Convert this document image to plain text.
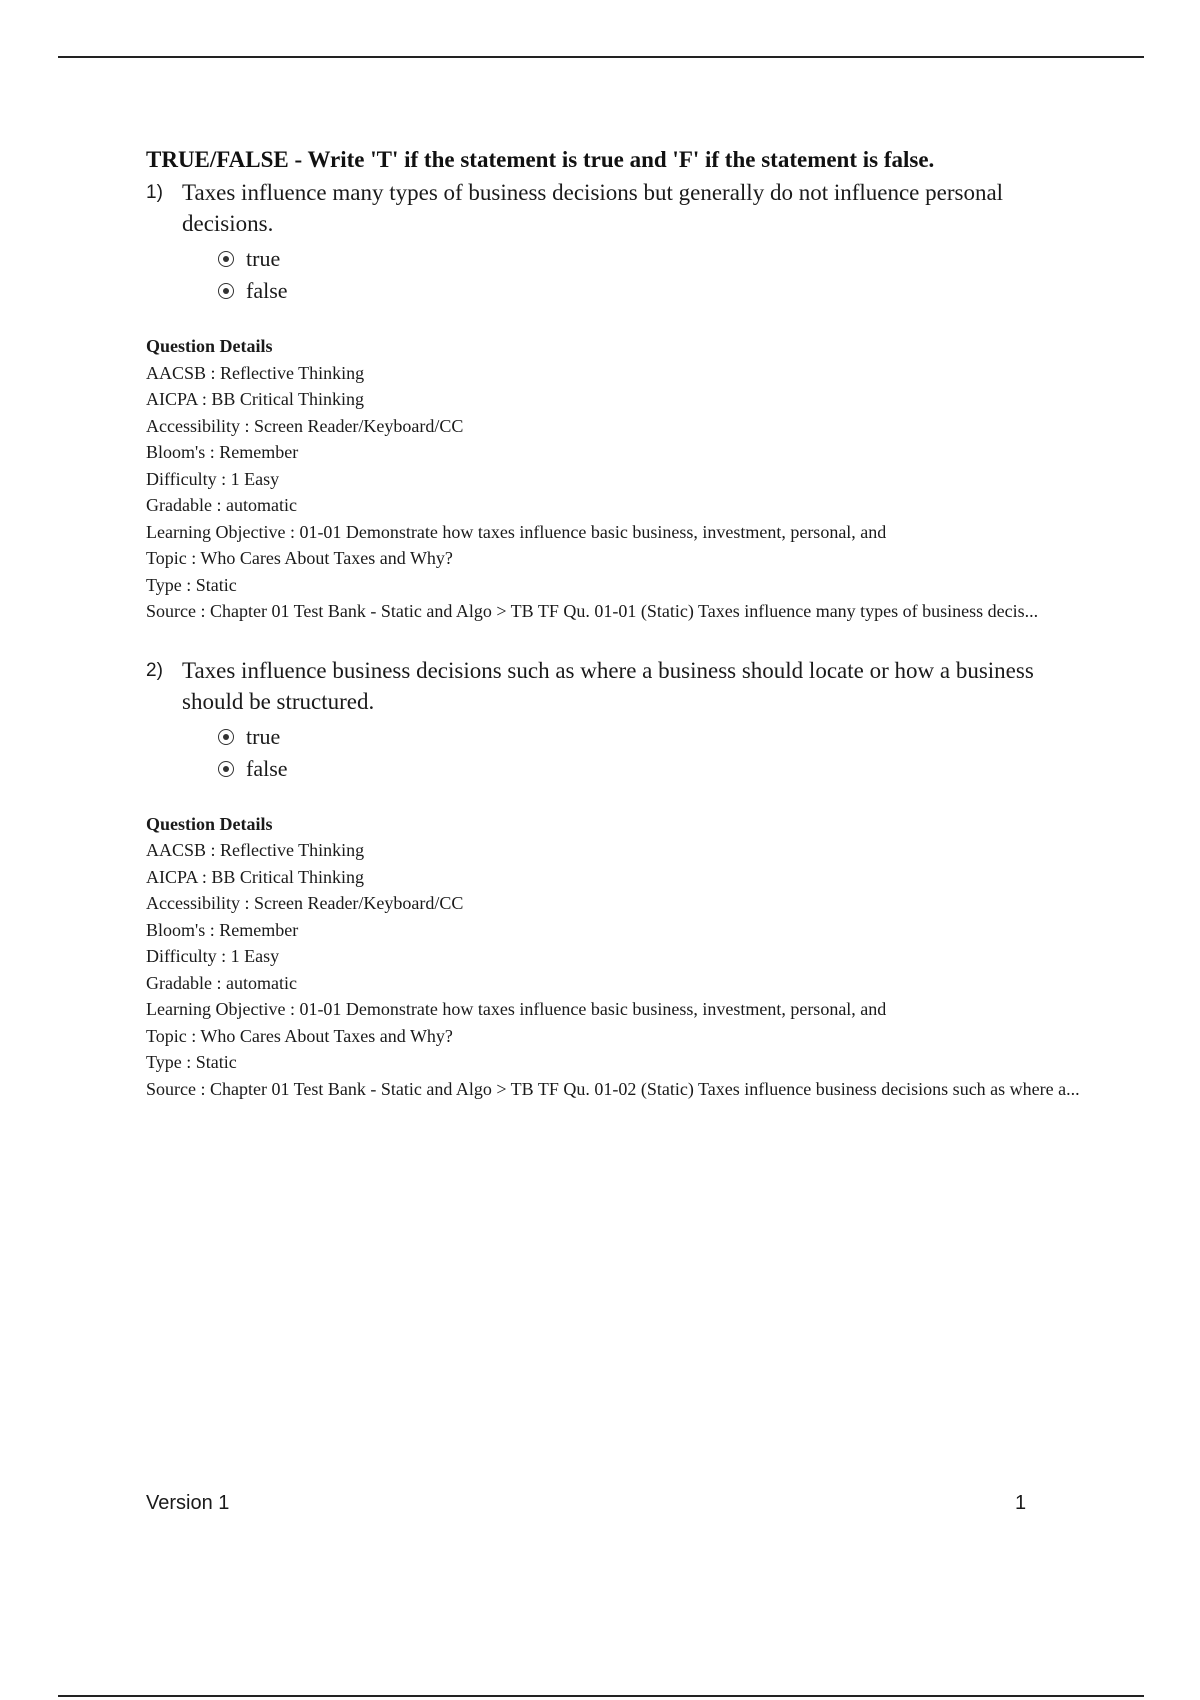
TRUE/FALSE - Write 'T' if the statement is true and 'F' if the statement is false.
1) Taxes influence many types of business decisions but generally do not influence personal decisions.
true
false
Question Details
AACSB : Reflective Thinking
AICPA : BB Critical Thinking
Accessibility : Screen Reader/Keyboard/CC
Bloom's : Remember
Difficulty : 1 Easy
Gradable : automatic
Learning Objective : 01-01 Demonstrate how taxes influence basic business, investment, personal, and
Topic : Who Cares About Taxes and Why?
Type : Static
Source : Chapter 01 Test Bank - Static and Algo > TB TF Qu. 01-01 (Static) Taxes influence many types of business decis...
2) Taxes influence business decisions such as where a business should locate or how a business should be structured.
true
false
Question Details
AACSB : Reflective Thinking
AICPA : BB Critical Thinking
Accessibility : Screen Reader/Keyboard/CC
Bloom's : Remember
Difficulty : 1 Easy
Gradable : automatic
Learning Objective : 01-01 Demonstrate how taxes influence basic business, investment, personal, and
Topic : Who Cares About Taxes and Why?
Type : Static
Source : Chapter 01 Test Bank - Static and Algo > TB TF Qu. 01-02 (Static) Taxes influence business decisions such as where a...
Version 1	1
